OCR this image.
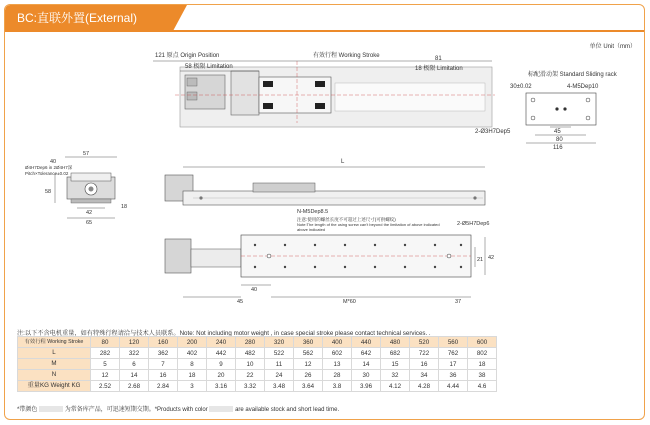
BC:直联外置(External)
单位 Unit（mm）
121 原点 Origin Position
58 极限 Limitation
有效行程 Working Stroke	81
18 极限 Limitation
标配滑动架 Standard Sliding rack
30±0.02	4-M5Dep10
2-Ø3H7Dep5	45
80
116
57
40
Ø4H7Dep6 in 2Ø4H7深
Pitch×Tolerance±0.02
58
42
65
18
L
N-M5Dep8.5
注意:使用的螺丝长度不可超过上述尺寸(可供螺纹)
Note:The length of the using screw can't beyond the limitation of above indicated
above indicated
2-Ø5H7Dep6
21 42
40
45	M*60	37
注:以下不含电机重量，如有特殊行程请洽与技术人员联系。Note: Not including motor weight , in case special stroke please contact technical services. .
有效行程 Working Stroke	80	120	160	200	240	280	320	360	400	440	480	520	560	600
L	282	322	362	402	442	482	522	562	602	642	682	722	762	802
M	5	6	7	8	9	10	11	12	13	14	15	16	17	18
N	12	14	16	18	20	22	24	26	28	30	32	34	36	38
重量KG Weight KG	2.52	2.68	2.84	3	3.16	3.32	3.48	3.64	3.8	3.96	4.12	4.28	4.44	4.6
*带颜色	为常备库产品，可迅速短期交期。*Products with color	are available stock and short lead time.
